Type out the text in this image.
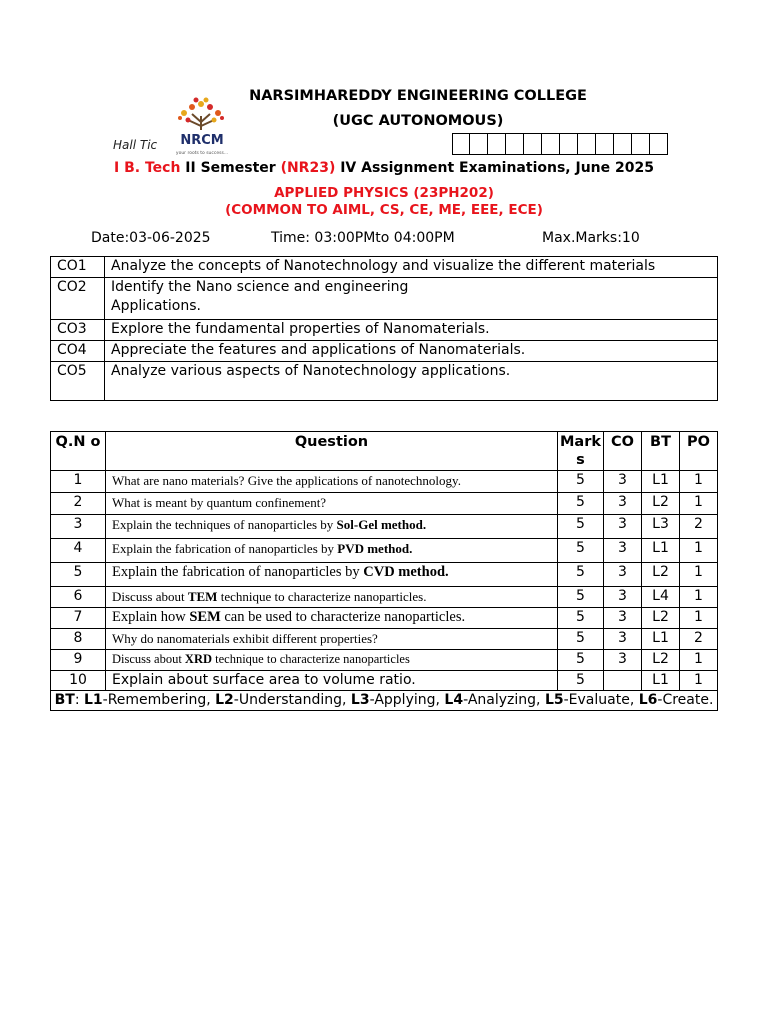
NARSIMHAREDDY ENGINEERING COLLEGE
(UGC AUTONOMOUS)
NRCM
your roots to success...
Hall Tic
I B. Tech II Semester (NR23) IV Assignment Examinations, June 2025
APPLIED PHYSICS (23PH202)
(COMMON TO AIML, CS, CE, ME, EEE, ECE)
Date:03-06-2025	Time: 03:00PMto 04:00PM	Max.Marks:10
CO1	Analyze the concepts of Nanotechnology and visualize the different materials
CO2	Identify the Nano science and engineering
Applications.

CO3	Explore the fundamental properties of Nanomaterials.
CO4	Appreciate the features and applications of Nanomaterials.
CO5	Analyze various aspects of Nanotechnology applications.
Q.N o	Question	Mark s	CO	BT	PO
1	What are nano materials? Give the applications of nanotechnology.	5	3	L1	1
2	What is meant by quantum confinement?	5	3	L2	1
3	Explain the techniques of nanoparticles by Sol-Gel method.	5	3	L3	2
4	Explain the fabrication of nanoparticles by PVD method.	5	3	L1	1
5	Explain the fabrication of nanoparticles by CVD method.	5	3	L2	1
6	Discuss about TEM technique to characterize nanoparticles.	5	3	L4	1
7	Explain how SEM can be used to characterize nanoparticles.	5	3	L2	1
8	Why do nanomaterials exhibit different properties?	5	3	L1	2
9	Discuss about XRD technique to characterize nanoparticles	5	3	L2	1
10	Explain about surface area to volume ratio.	5		L1	1
BT: L1-Remembering, L2-Understanding, L3-Applying, L4-Analyzing, L5-Evaluate, L6-Create.					
